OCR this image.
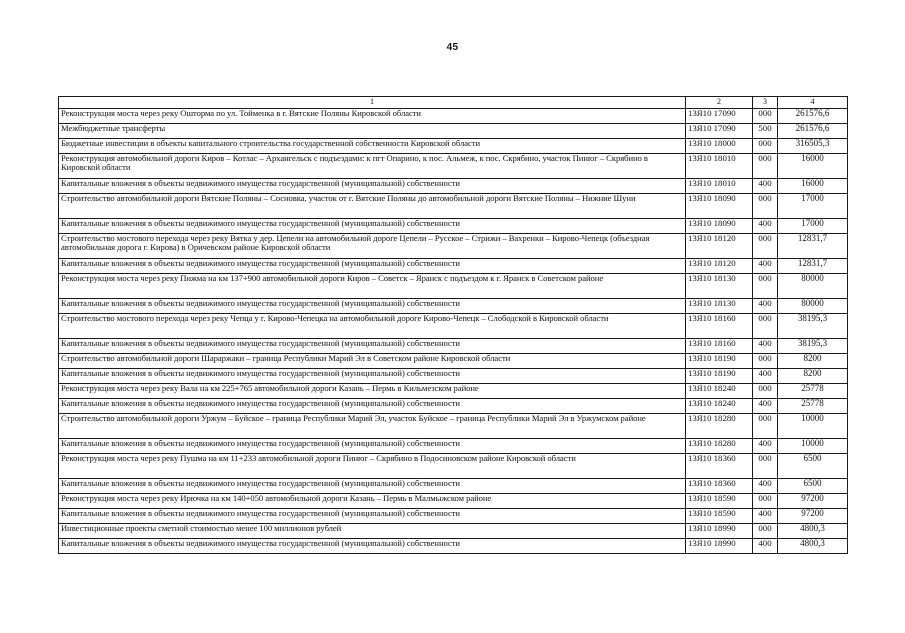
45
1	2	3	4
Реконструкция моста через реку Ошторма по ул. Тойменка в г. Вятские Поляны Кировской области	13Я10 17090	000	261576,6
Межбюджетные трансферты	13Я10 17090	500	261576,6
Бюджетные инвестиции в объекты капитального строительства государственной собственности Кировской области	13Я10 18000	000	316505,3
Реконструкция автомобильной дороги Киров – Котлас – Архангельск с подъездами: к пгт Опарино, к пос. Альмеж, к пос. Скрябино, участок Пинюг – Скрябино в Кировской области	13Я10 18010	000	16000
Капитальные вложения в объекты недвижимого имущества государственной (муниципальной) собственности	13Я10 18010	400	16000
Строительство автомобильной дороги Вятские Поляны – Сосновка, участок от г. Вятские Поляны до автомобильной дороги Вятские Поляны – Нижние Шуни	13Я10 18090	000	17000
Капитальные вложения в объекты недвижимого имущества государственной (муниципальной) собственности	13Я10 18090	400	17000
Строительство мостового перехода через реку Вятка у дер. Цепели на автомобильной дороге Цепели – Русское – Стрижи – Вахренки – Кирово-Чепецк (объездная автомобильная дорога г. Кирова) в Оричевском районе Кировской области	13Я10 18120	000	12831,7
Капитальные вложения в объекты недвижимого имущества государственной (муниципальной) собственности	13Я10 18120	400	12831,7
Реконструкция моста через реку Пижма на км 137+900 автомобильной дороги Киров – Советск – Яранск с подъездом к г. Яранск в Советском районе	13Я10 18130	000	80000
Капитальные вложения в объекты недвижимого имущества государственной (муниципальной) собственности	13Я10 18130	400	80000
Строительство мостового перехода через реку Чепца у г. Кирово-Чепецка на автомобильной дороге Кирово-Чепецк – Слободской в Кировской области	13Я10 18160	000	38195,3
Капитальные вложения в объекты недвижимого имущества государственной (муниципальной) собственности	13Я10 18160	400	38195,3
Строительство автомобильной дороги Шараржаки – граница Республики Марий Эл в Советском районе Кировской области	13Я10 18190	000	8200
Капитальные вложения в объекты недвижимого имущества государственной (муниципальной) собственности	13Я10 18190	400	8200
Реконструкция моста через реку Вала на км 225+765 автомобильной дороги Казань – Пермь в Кильмезском районе	13Я10 18240	000	25778
Капитальные вложения в объекты недвижимого имущества государственной (муниципальной) собственности	13Я10 18240	400	25778
Строительство автомобильной дороги Уржум – Буйское – граница Республики Марий Эл, участок Буйское – граница Республики Марий Эл в Уржумском районе	13Я10 18280	000	10000
Капитальные вложения в объекты недвижимого имущества государственной (муниципальной) собственности	13Я10 18280	400	10000
Реконструкция моста через реку Пушма на км 11+233 автомобильной дороги Пинюг – Скрябино в Подосиновском районе Кировской области	13Я10 18360	000	6500
Капитальные вложения в объекты недвижимого имущества государственной (муниципальной) собственности	13Я10 18360	400	6500
Реконструкция моста через реку Ирючка на км 140+050 автомобильной дороги Казань – Пермь в Малмыжском районе	13Я10 18590	000	97200
Капитальные вложения в объекты недвижимого имущества государственной (муниципальной) собственности	13Я10 18590	400	97200
Инвестиционные проекты сметной стоимостью менее 100 миллионов рублей	13Я10 18990	000	4800,3
Капитальные вложения в объекты недвижимого имущества государственной (муниципальной) собственности	13Я10 18990	400	4800,3
